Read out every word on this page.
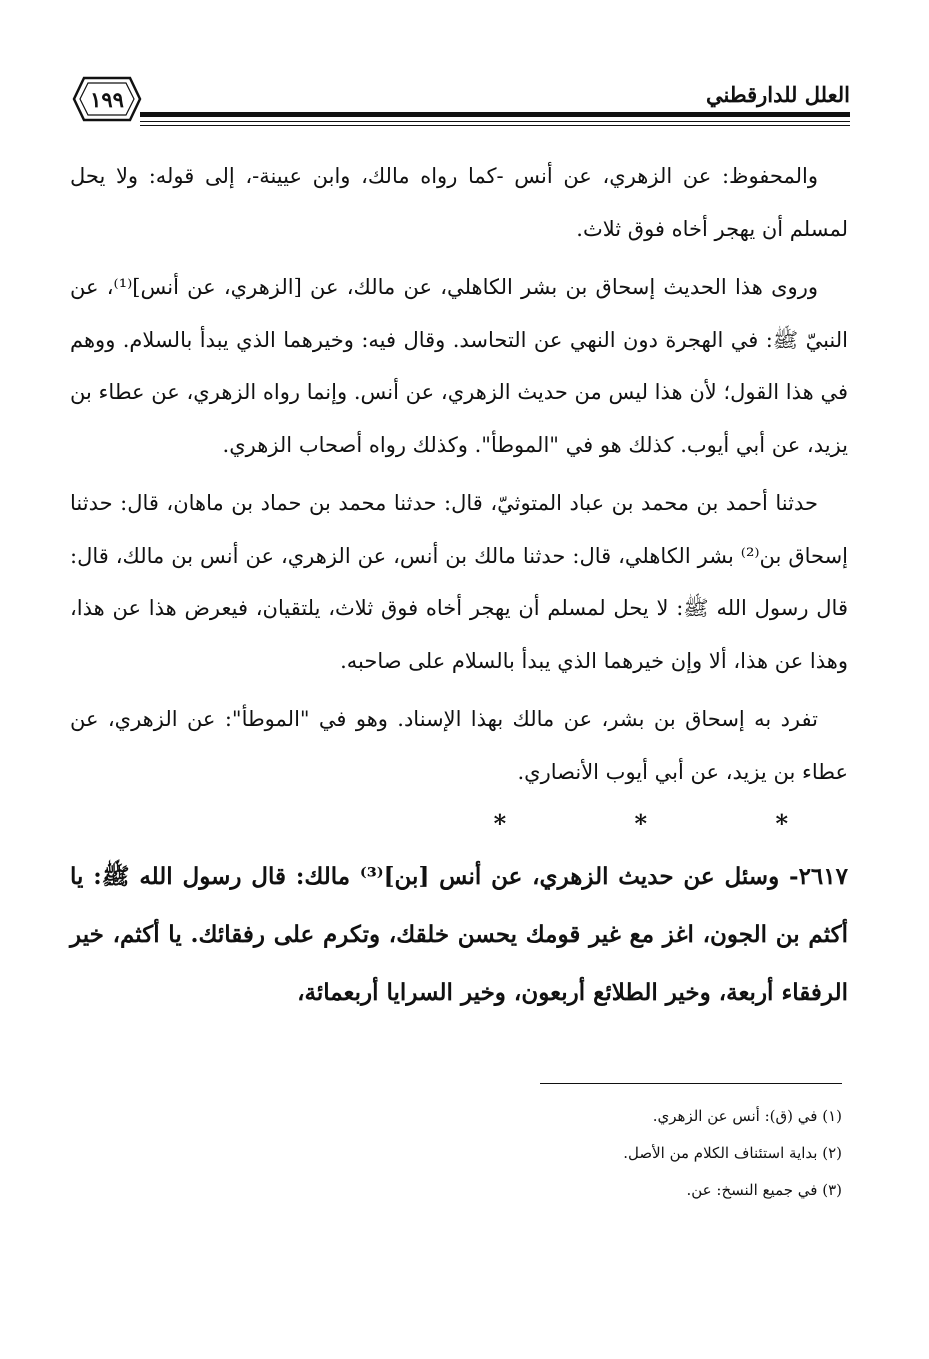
١٩٩	العلل للدارقطني

والمحفوظ: عن الزهري، عن أنس -كما رواه مالك، وابن عيينة-، إلى قوله: ولا يحل لمسلم أن يهجر أخاه فوق ثلاث.

وروى هذا الحديث إسحاق بن بشر الكاهلي، عن مالك، عن [الزهري، عن أنس]⁽¹⁾، عن النبيّ ﷺ: في الهجرة دون النهي عن التحاسد. وقال فيه: وخيرهما الذي يبدأ بالسلام. ووهم في هذا القول؛ لأن هذا ليس من حديث الزهري، عن أنس. وإنما رواه الزهري، عن عطاء بن يزيد، عن أبي أيوب. كذلك هو في "الموطأ". وكذلك رواه أصحاب الزهري.

حدثنا أحمد بن محمد بن عباد المتوثيّ، قال: حدثنا محمد بن حماد بن ماهان، قال: حدثنا إسحاق بن⁽²⁾ بشر الكاهلي، قال: حدثنا مالك بن أنس، عن الزهري، عن أنس بن مالك، قال: قال رسول الله ﷺ: لا يحل لمسلم أن يهجر أخاه فوق ثلاث، يلتقيان، فيعرض هذا عن هذا، وهذا عن هذا، ألا وإن خيرهما الذي يبدأ بالسلام على صاحبه.

تفرد به إسحاق بن بشر، عن مالك بهذا الإسناد. وهو في "الموطأ": عن الزهري، عن عطاء بن يزيد، عن أبي أيوب الأنصاري.

* * *

٢٦١٧- وسئل عن حديث الزهري، عن أنس [بن]⁽³⁾ مالك: قال رسول الله ﷺ: يا أكثم بن الجون، اغز مع غير قومك يحسن خلقك، وتكرم على رفقائك. يا أكثم، خير الرفقاء أربعة، وخير الطلائع أربعون، وخير السرايا أربعمائة،

(١) في (ق): أنس عن الزهري.
(٢) بداية استئناف الكلام من الأصل.
(٣) في جميع النسخ: عن.
